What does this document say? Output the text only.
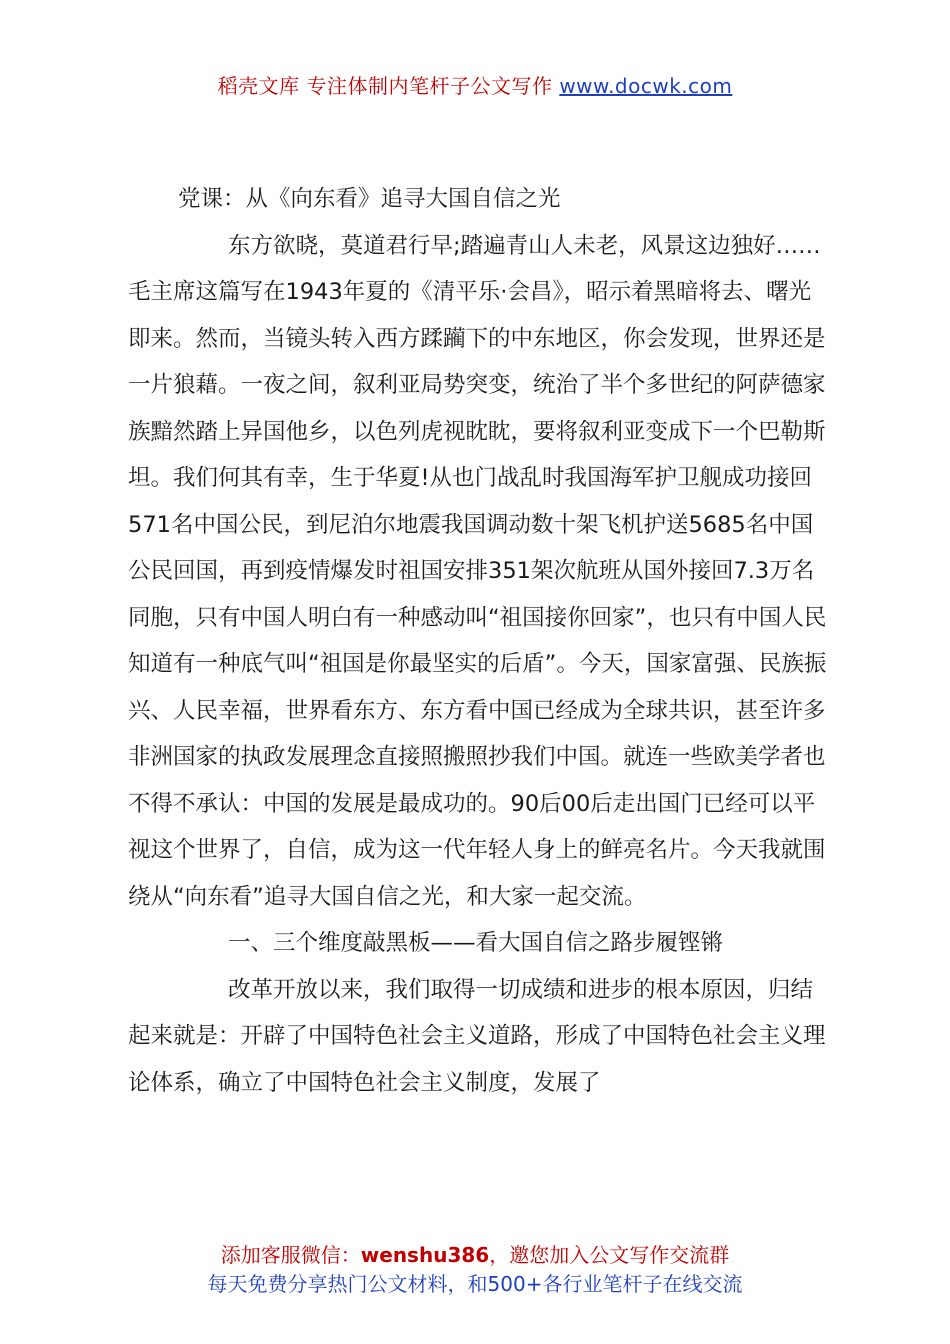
稻壳文库 专注体制内笔杆子公文写作 www.docwk.com

党课：从《向东看》追寻大国自信之光

东方欲晓，莫道君行早;踏遍青山人未老，风景这边独好……毛主席这篇写在1943年夏的《清平乐·会昌》，昭示着黑暗将去、曙光即来。然而，当镜头转入西方蹂躏下的中东地区，你会发现，世界还是一片狼藉。一夜之间，叙利亚局势突变，统治了半个多世纪的阿萨德家族黯然踏上异国他乡，以色列虎视眈眈，要将叙利亚变成下一个巴勒斯坦。我们何其有幸，生于华夏!从也门战乱时我国海军护卫舰成功接回571名中国公民，到尼泊尔地震我国调动数十架飞机护送5685名中国公民回国，再到疫情爆发时祖国安排351架次航班从国外接回7.3万名同胞，只有中国人明白有一种感动叫“祖国接你回家”，也只有中国人民知道有一种底气叫“祖国是你最坚实的后盾”。今天，国家富强、民族振兴、人民幸福，世界看东方、东方看中国已经成为全球共识，甚至许多非洲国家的执政发展理念直接照搬照抄我们中国。就连一些欧美学者也不得不承认：中国的发展是最成功的。90后00后走出国门已经可以平视这个世界了，自信，成为这一代年轻人身上的鲜亮名片。今天我就围绕从“向东看”追寻大国自信之光，和大家一起交流。

一、三个维度敲黑板——看大国自信之路步履铿锵

改革开放以来，我们取得一切成绩和进步的根本原因，归结起来就是：开辟了中国特色社会主义道路，形成了中国特色社会主义理论体系，确立了中国特色社会主义制度，发展了

添加客服微信：wenshu386，邀您加入公文写作交流群
每天免费分享热门公文材料，和500+各行业笔杆子在线交流
